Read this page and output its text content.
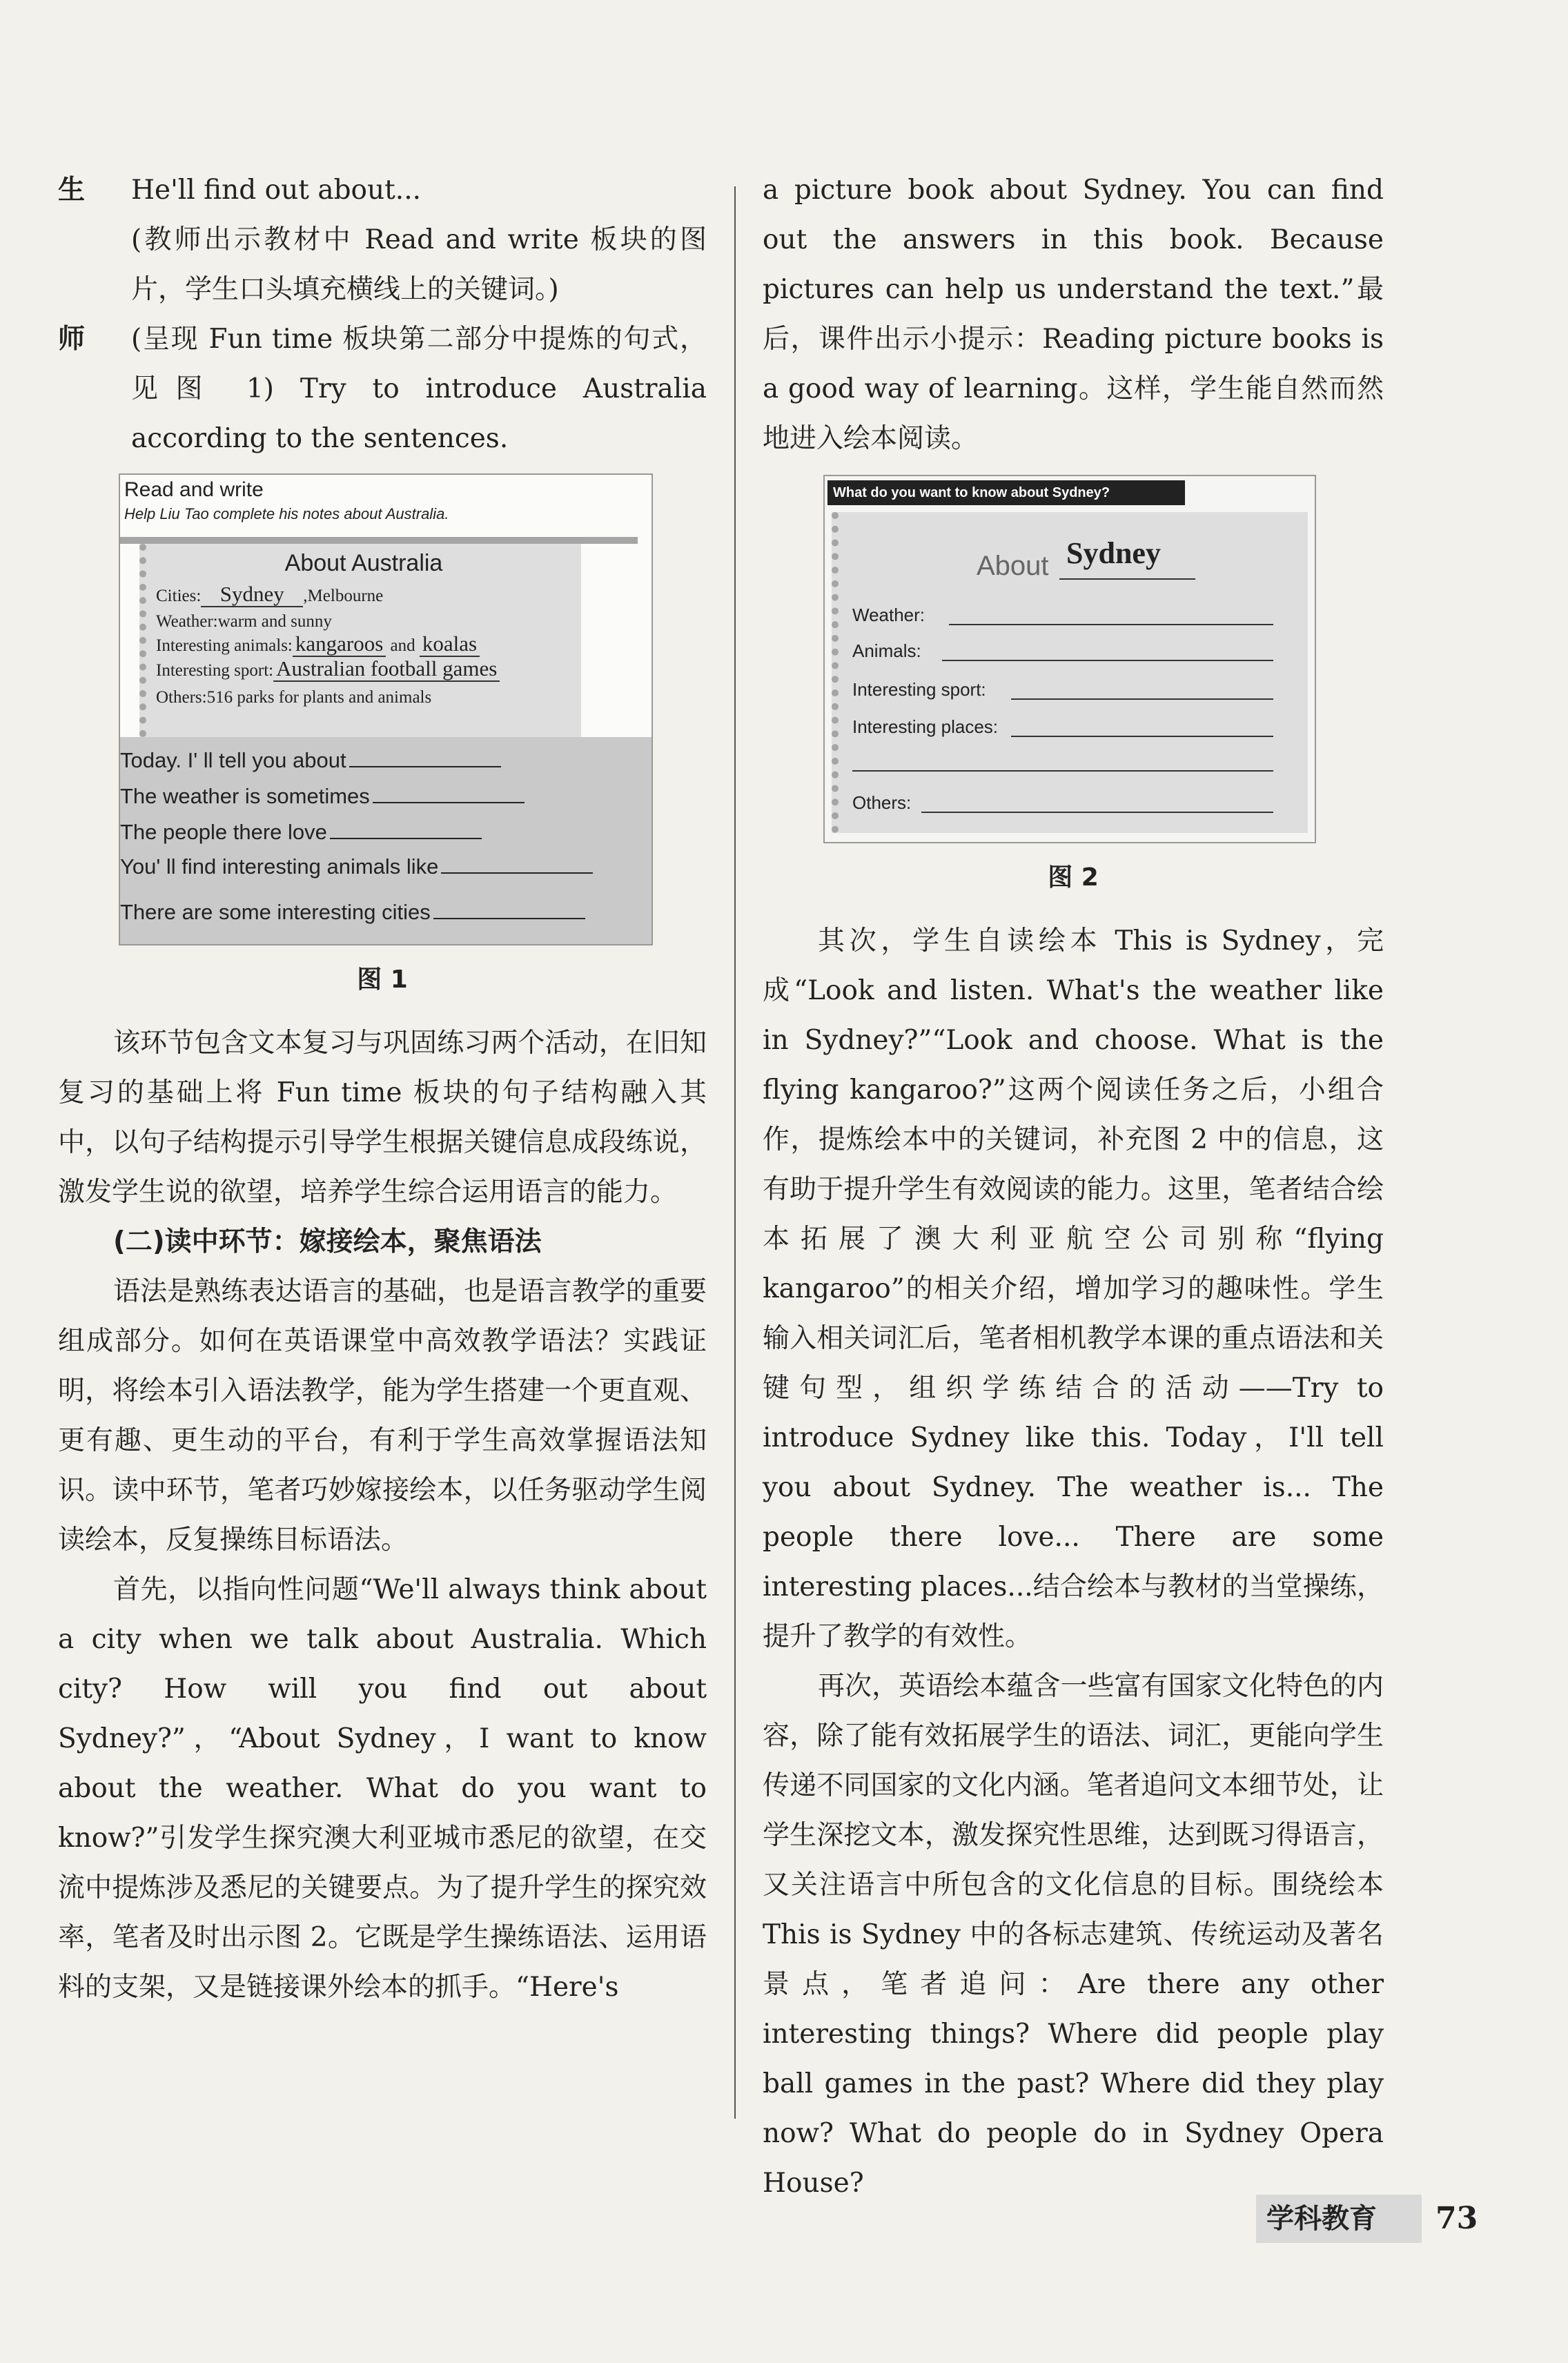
生	He'll find out about...

(教师出示教材中 Read and write 板块的图片，学生口头填充横线上的关键词。)

师	(呈现 Fun time 板块第二部分中提炼的句式，见图 1) Try to introduce Australia according to the sentences.

Read and write
Help Liu Tao complete his notes about Australia.
About Australia
Cities: Sydney ,Melbourne
Weather:warm and sunny
Interesting animals: kangaroos and koalas
Interesting sport: Australian football games
Others:516 parks for plants and animals
Today. I' ll tell you about
The weather is sometimes
The people there love
You' ll find interesting animals like
There are some interesting cities
图 1

该环节包含文本复习与巩固练习两个活动，在旧知复习的基础上将 Fun time 板块的句子结构融入其中，以句子结构提示引导学生根据关键信息成段练说，激发学生说的欲望，培养学生综合运用语言的能力。

(二)读中环节：嫁接绘本，聚焦语法

语法是熟练表达语言的基础，也是语言教学的重要组成部分。如何在英语课堂中高效教学语法？实践证明，将绘本引入语法教学，能为学生搭建一个更直观、更有趣、更生动的平台，有利于学生高效掌握语法知识。读中环节，笔者巧妙嫁接绘本，以任务驱动学生阅读绘本，反复操练目标语法。

首先，以指向性问题“We'll always think about a city when we talk about Australia. Which city? How will you find out about Sydney?”，“About Sydney，I want to know about the weather. What do you want to know?”引发学生探究澳大利亚城市悉尼的欲望，在交流中提炼涉及悉尼的关键要点。为了提升学生的探究效率，笔者及时出示图 2。它既是学生操练语法、运用语料的支架，又是链接课外绘本的抓手。“Here's

a picture book about Sydney. You can find out the answers in this book. Because pictures can help us understand the text.”最后，课件出示小提示：Reading picture books is a good way of learning。这样，学生能自然而然地进入绘本阅读。

What do you want to know about Sydney?
About Sydney
Weather:
Animals:
Interesting sport:
Interesting places:
Others:
图 2

其次，学生自读绘本 This is Sydney，完成“Look and listen. What's the weather like in Sydney?”“Look and choose. What is the flying kangaroo?”这两个阅读任务之后，小组合作，提炼绘本中的关键词，补充图 2 中的信息，这有助于提升学生有效阅读的能力。这里，笔者结合绘本拓展了澳大利亚航空公司别称“flying kangaroo”的相关介绍，增加学习的趣味性。学生输入相关词汇后，笔者相机教学本课的重点语法和关键句型，组织学练结合的活动——Try to introduce Sydney like this. Today，I'll tell you about Sydney. The weather is... The people there love... There are some interesting places...结合绘本与教材的当堂操练，提升了教学的有效性。

再次，英语绘本蕴含一些富有国家文化特色的内容，除了能有效拓展学生的语法、词汇，更能向学生传递不同国家的文化内涵。笔者追问文本细节处，让学生深挖文本，激发探究性思维，达到既习得语言，又关注语言中所包含的文化信息的目标。围绕绘本 This is Sydney 中的各标志建筑、传统运动及著名景点，笔者追问：Are there any other interesting things? Where did people play ball games in the past? Where did they play now? What do people do in Sydney Opera House?

学科教育 73
